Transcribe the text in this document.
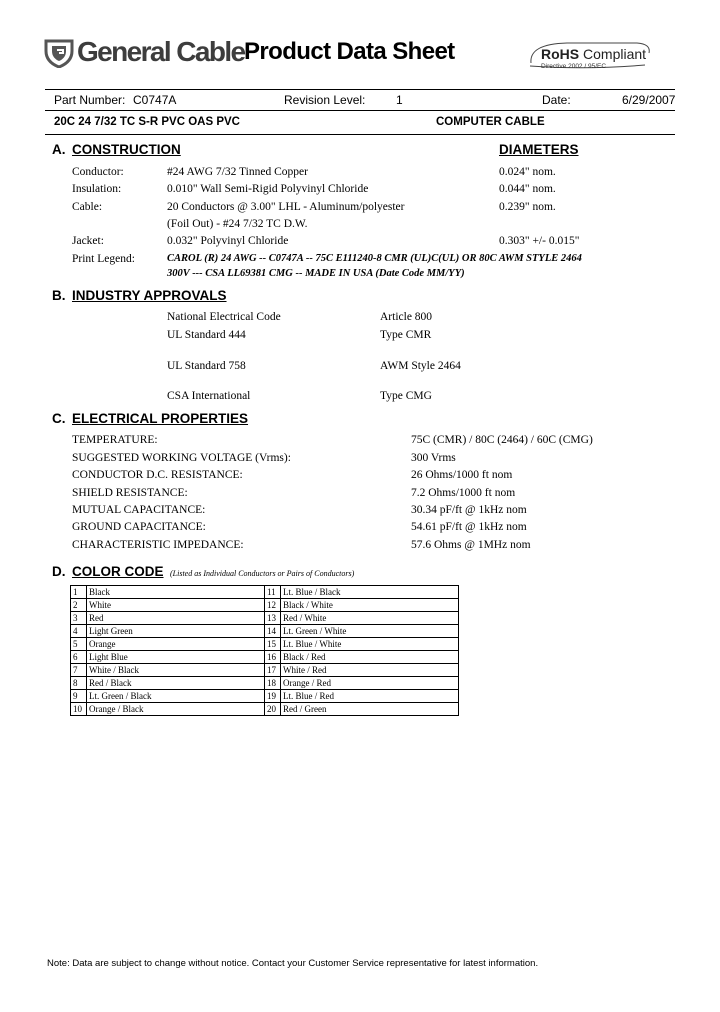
General Cable Product Data Sheet	RoHS Compliant
Directive 2002 / 95/EC
Part Number: C0747A	Revision Level:	1	Date:	6/29/2007
20C 24 7/32 TC S-R PVC OAS PVC	COMPUTER CABLE
A. CONSTRUCTION	DIAMETERS
Conductor:	#24 AWG 7/32 Tinned Copper	0.024" nom.
Insulation:	0.010" Wall Semi-Rigid Polyvinyl Chloride	0.044" nom.
Cable:	20 Conductors @ 3.00" LHL - Aluminum/polyester	0.239" nom.
(Foil Out) - #24 7/32 TC D.W.
Jacket:	0.032" Polyvinyl Chloride	0.303" +/- 0.015"
Print Legend:	CAROL (R) 24 AWG -- C0747A -- 75C E111240-8 CMR (UL)C(UL) OR 80C AWM STYLE 2464
300V --- CSA LL69381 CMG -- MADE IN USA (Date Code MM/YY)
B. INDUSTRY APPROVALS
National Electrical Code	Article 800
UL Standard 444	Type CMR
UL Standard 758	AWM Style 2464
CSA International	Type CMG
C. ELECTRICAL PROPERTIES
TEMPERATURE:	75C (CMR) / 80C (2464) / 60C (CMG)
SUGGESTED WORKING VOLTAGE (Vrms):	300 Vrms
CONDUCTOR D.C. RESISTANCE:	26 Ohms/1000 ft nom
SHIELD RESISTANCE:	7.2 Ohms/1000 ft nom
MUTUAL CAPACITANCE:	30.34 pF/ft @ 1kHz nom
GROUND CAPACITANCE:	54.61 pF/ft @ 1kHz nom
CHARACTERISTIC IMPEDANCE:	57.6 Ohms @ 1MHz nom
D. COLOR CODE (Listed as Individual Conductors or Pairs of Conductors)
1	Black	11	Lt. Blue / Black
2	White	12	Black / White
3	Red	13	Red / White
4	Light Green	14	Lt. Green / White
5	Orange	15	Lt. Blue / White
6	Light Blue	16	Black / Red
7	White / Black	17	White / Red
8	Red / Black	18	Orange / Red
9	Lt. Green / Black	19	Lt. Blue / Red
10	Orange / Black	20	Red / Green
Note: Data are subject to change without notice. Contact your Customer Service representative for latest information.
